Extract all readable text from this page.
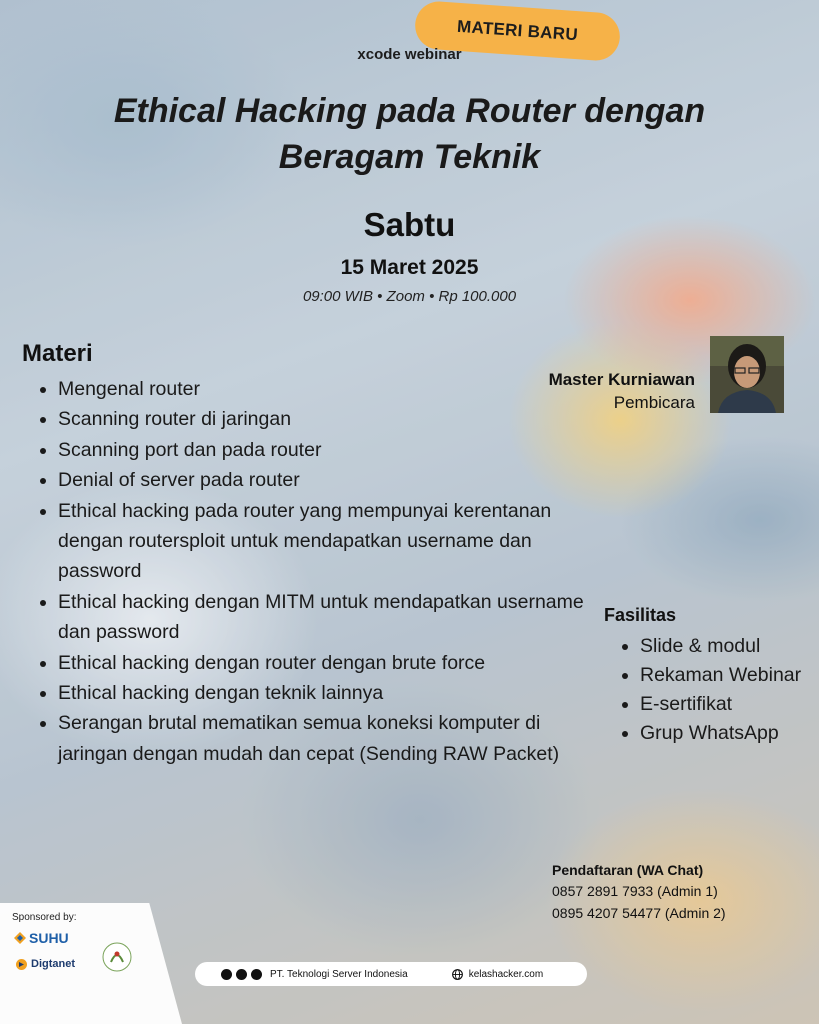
MATERI BARU
xcode webinar
Ethical Hacking pada Router dengan
Beragam Teknik
Sabtu
15 Maret 2025
09:00 WIB • Zoom • Rp 100.000
Materi
• Mengenal router
• Scanning router di jaringan
• Scanning port dan pada router
• Denial of server pada router
• Ethical hacking pada router yang mempunyai kerentanan dengan routersploit untuk mendapatkan username dan password
• Ethical hacking dengan MITM untuk mendapatkan username dan password
• Ethical hacking dengan router dengan brute force
• Ethical hacking dengan teknik lainnya
• Serangan brutal mematikan semua koneksi komputer di jaringan dengan mudah dan cepat (Sending RAW Packet)
Master Kurniawan
Pembicara
Fasilitas
• Slide & modul
• Rekaman Webinar
• E-sertifikat
• Grup WhatsApp
Pendaftaran (WA Chat)
0857 2891 7933 (Admin 1)
0895 4207 54477 (Admin 2)
Sponsored by:
SUHU
Digtanet
PT. Teknologi Server Indonesia	kelashacker.com
